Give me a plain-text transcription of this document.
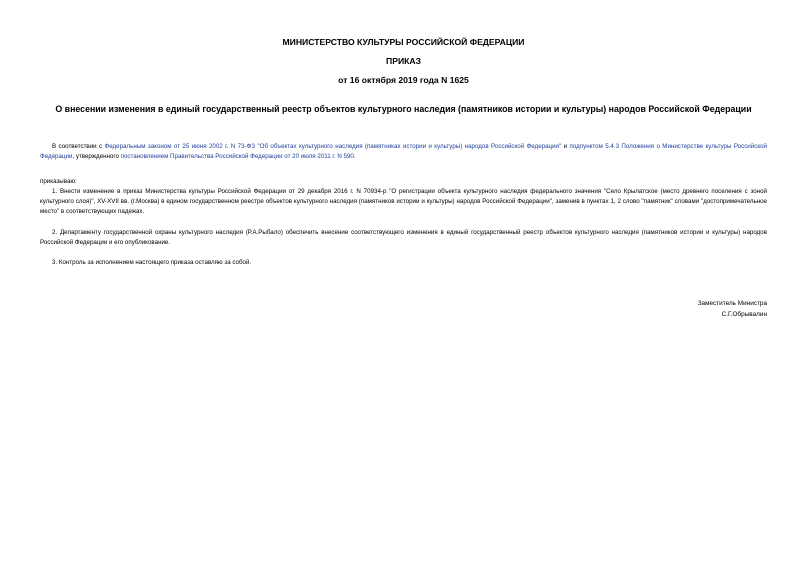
МИНИСТЕРСТВО КУЛЬТУРЫ РОССИЙСКОЙ ФЕДЕРАЦИИ
ПРИКАЗ
от 16 октября 2019 года N 1625
О внесении изменения в единый государственный реестр объектов культурного наследия (памятников истории и культуры) народов Российской Федерации
В соответствии с Федеральным законом от 25 июня 2002 г. N 73-ФЗ "Об объектах культурного наследия (памятниках истории и культуры) народов Российской Федерации" и подпунктом 5.4.3 Положения о Министерстве культуры Российской Федерации, утвержденного постановлением Правительства Российской Федерации от 20 июля 2011 г. N 590.
приказываю:
1. Внести изменение в приказ Министерства культуры Российской Федерации от 29 декабря 2016 г. N 70934-р "О регистрации объекта культурного наследия федерального значения "Село Крылатское (место древнего поселения с зоной культурного слоя)", XV-XVII вв. (г.Москва) в едином государственном реестре объектов культурного наследия (памятников истории и культуры) народов Российской Федерации", заменив в пунктах 1, 2 слово "памятник" словами "достопримечательное место" в соответствующих падежах.
2. Департаменту государственной охраны культурного наследия (Р.А.Рыбало) обеспечить внесение соответствующего изменения в единый государственный реестр объектов культурного наследия (памятников истории и культуры) народов Российской Федерации и его опубликование.
3. Контроль за исполнением настоящего приказа оставляю за собой.
Заместитель Министра
С.Г.Обрывалин
